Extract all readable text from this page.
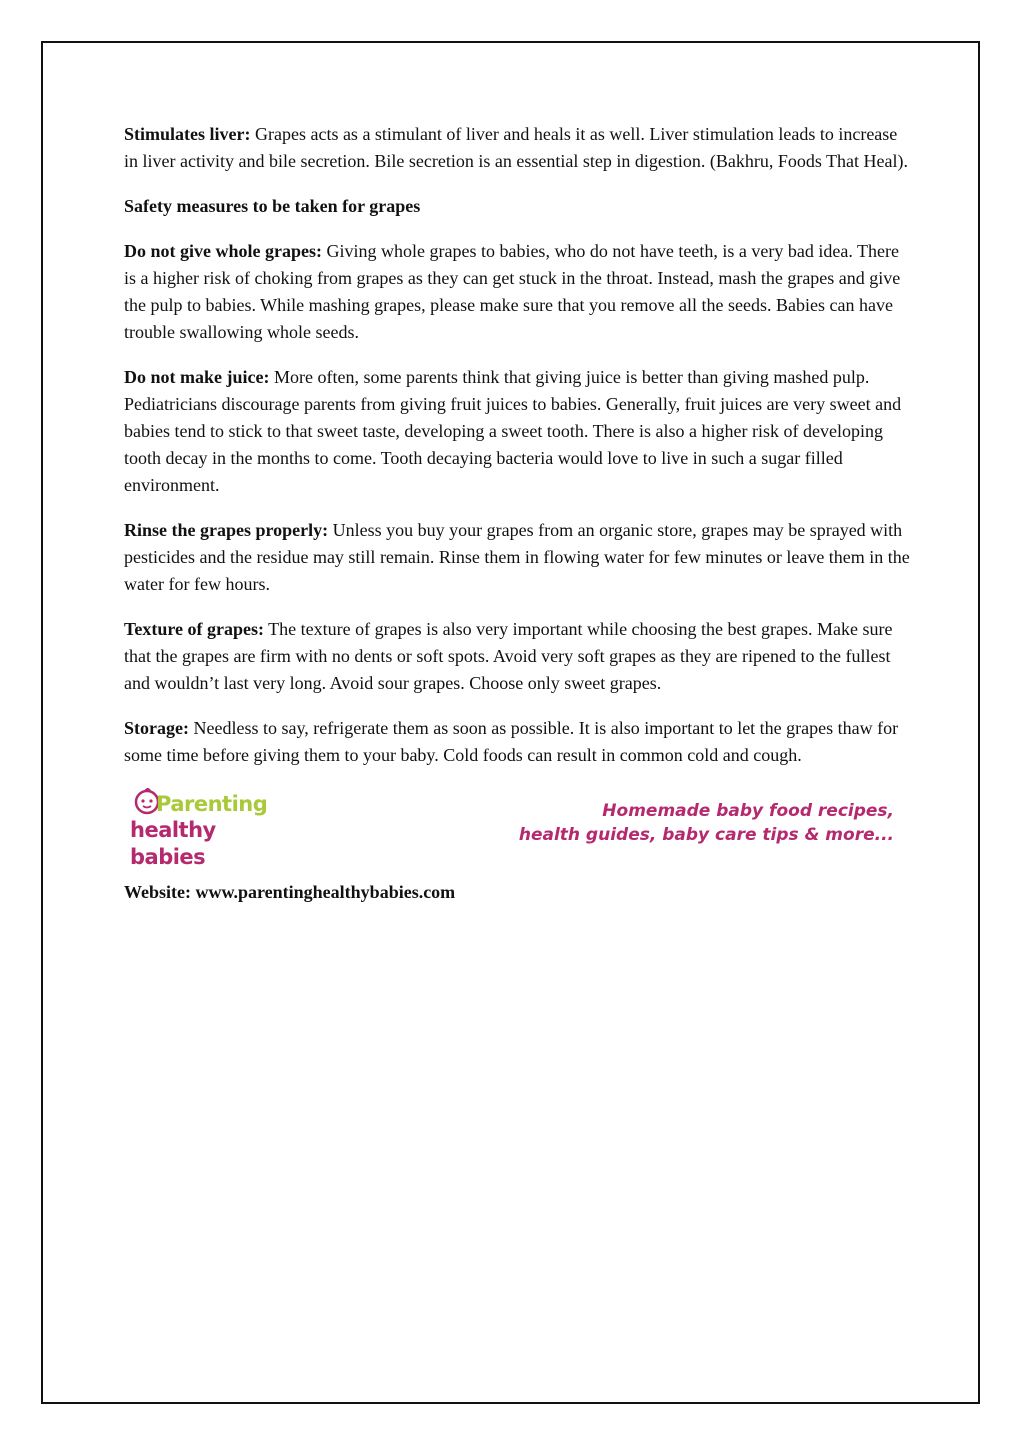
Stimulates liver: Grapes acts as a stimulant of liver and heals it as well. Liver stimulation leads to increase in liver activity and bile secretion. Bile secretion is an essential step in digestion. (Bakhru, Foods That Heal).

Safety measures to be taken for grapes

Do not give whole grapes: Giving whole grapes to babies, who do not have teeth, is a very bad idea. There is a higher risk of choking from grapes as they can get stuck in the throat. Instead, mash the grapes and give the pulp to babies. While mashing grapes, please make sure that you remove all the seeds. Babies can have trouble swallowing whole seeds.

Do not make juice: More often, some parents think that giving juice is better than giving mashed pulp. Pediatricians discourage parents from giving fruit juices to babies. Generally, fruit juices are very sweet and babies tend to stick to that sweet taste, developing a sweet tooth. There is also a higher risk of developing tooth decay in the months to come. Tooth decaying bacteria would love to live in such a sugar filled environment.

Rinse the grapes properly: Unless you buy your grapes from an organic store, grapes may be sprayed with pesticides and the residue may still remain. Rinse them in flowing water for few minutes or leave them in the water for few hours.

Texture of grapes: The texture of grapes is also very important while choosing the best grapes. Make sure that the grapes are firm with no dents or soft spots. Avoid very soft grapes as they are ripened to the fullest and wouldn’t last very long. Avoid sour grapes. Choose only sweet grapes.

Storage: Needless to say, refrigerate them as soon as possible. It is also important to let the grapes thaw for some time before giving them to your baby. Cold foods can result in common cold and cough.

Parenting
healthy babies
Homemade baby food recipes,
health guides, baby care tips & more...

Website: www.parentinghealthybabies.com
